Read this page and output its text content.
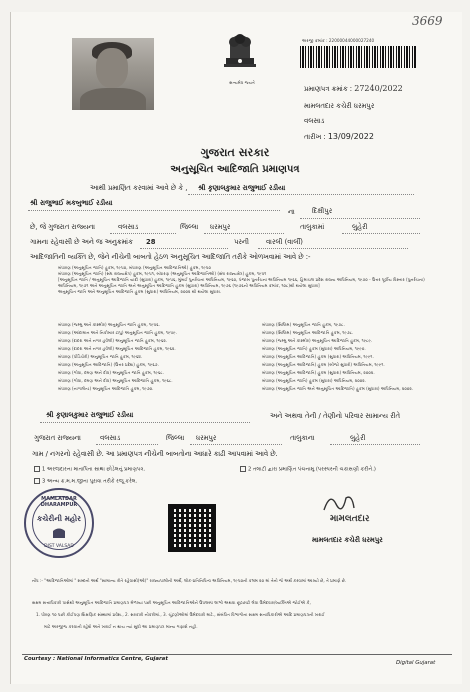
3669
સત્યમેવ જયતે
અરજી ક્રમાંક : 22000044000027240
પ્રમાણપત્ર ક્રમાંક : 27240/2022
મામલતદાર કચેરી ધરમપુર
વલસાડ
તારીખ : 13/09/2022
ગુજરાત સરકાર
અનુસૂચિત આદિજાતિ પ્રમાણપત્ર
આથી પ્રમાણિત કરવામાં આવે છે કે , શ્રી કૃણાલકુમાર રાજુભાઈ રડીયા
શ્રી રાજુભાઈ મકબુભાઈ રડીયા
ના	દિક્ષીપુર
છે, જે ગુજરાત રાજ્યના	વલસાડ	જિલ્લા ધરમપુર	તાલુકામાં	લુહેરી
ગામના રહેવાસી છે અને જ અનુક્રમાંક 28	પરની	વારલી (વાર્લી)
આદિજાતિની વ્યક્તિ છે, જેને નીચેની બાબતો હેઠળ અનુસૂચિત આદિજાતિ તરીકે ઓળખવામાં આવે છે :-
બંધારણ (અનુસૂચિત જાતિ) હુકમ, ૧૯૫૦, બંધારણ (અનુસૂચિત આદિજાતિઓ) હુકમ, ૧૯૫૦
બંધારણ (અનુસૂચિત જાતિ) (સંઘ રાજ્યક્ષેત્ર) હુકમ, ૧૯૫૧, બંધારણ (અનુસૂચિત આદિજાતિઓ) (સંઘ રાજ્યક્ષેત્ર) હુકમ, ૧૯૫૧
[અનુસૂચિત જાતિ / અનુસૂચિત આદિજાતિ યાદી (સુધારા) હુકમ, ૧૯૫૬, મુંબઈ પુનર્રચના અધિનિયમ, ૧૯૬૦, પંજાબ પુનર્રચના અધિનિયમ ૧૯૬૬, હિમાચલ પ્રદેશ રાજ્ય અધિનિયમ, ૧૯૭૦ - ઉત્તર પૂર્વીય વિસ્તાર (પુનર્રચના)
અધિનિયમ, ૧૯૭૧ અને અનુસૂચિત જાતિ અને અનુસૂચિત આદિજાતિ હુકમ (સુધારા) અધિનિયમ, ૧૯૭૬ (૧૯૭૬નો અધિનિયમ ક્રમાંક, ૧૦૮)થી થયેલા સુધારા]
અનુસૂચિત જાતિ અને અનુસૂચિત આદિજાતિ હુકમ (સુધારા) અધિનિયમ, ૨૦૦૨ થી થયેલા સુધારા.
બંધારણ (જમ્મુ અને કાશ્મીર) અનુસૂચિત જાતિ હુકમ, ૧૯૫૬.
બંધારણ (આંદામાન અને નિકોબાર ટાપુ) અનુસૂચિત જાતિ હુકમ, ૧૯૫૯.
બંધારણ (દાદરા અને નગર હવેલી) અનુસૂચિત જાતિ હુકમ, ૧૯૬૨.
બંધારણ (દાદરા અને નગર હવેલી) અનુસૂચિત આદિજાતિ હુકમ, ૧૯૬૨.
બંધારણ (પોંડિચેરી) અનુસૂચિત જાતિ હુકમ, ૧૯૬૪.
બંધારણ (અનુસૂચિત આદિજાતિ) (ઉત્તર પ્રદેશ) હુકમ, ૧૯૬૭.
બંધારણ (ગોવા, દમણ અને દીવ) અનુસૂચિત જાતિ હુકમ, ૧૯૬૮.
બંધારણ (ગોવા, દમણ અને દીવ) અનુસૂચિત આદિજાતિ હુકમ, ૧૯૬૮.
બંધારણ (નાગાલેન્ડ) અનુસૂચિત આદિજાતિ હુકમ, ૧૯૭૦.
બંધારણ (સિક્કિમ) અનુસૂચિત જાતિ હુકમ, ૧૯૭૮.
બંધારણ (સિક્કિમ) અનુસૂચિત આદિજાતિ હુકમ, ૧૯૭૮.
બંધારણ (જમ્મુ અને કાશ્મીર) અનુસૂચિત આદિજાતિ હુકમ, ૧૯૮૯.
બંધારણ (અનુસૂચિત જાતિ) હુકમ (સુધારા) અધિનિયમ, ૧૯૯૦.
બંધારણ (અનુસૂચિત આદિજાતિ) હુકમ (સુધારા) અધિનિયમ, ૧૯૯૧.
બંધારણ (અનુસૂચિત આદિજાતિ) હુકમ (બીજો સુધારો) અધિનિયમ, ૧૯૯૧.
બંધારણ (અનુસૂચિત આદિજાતિ) હુકમ (સુધારા) અધિનિયમ, ૨૦૦૨.
બંધારણ (અનુસૂચિત જાતિ) હુકમ (સુધારા) અધિનિયમ, ૨૦૦૨.
બંધારણ (અનુસૂચિત જાતિ અને અનુસૂચિત આદિજાતિ) હુકમ (સુધારા) અધિનિયમ, ૨૦૦૨.
શ્રી કૃણાલકુમાર રાજુભાઈ રડીયા	અને અથવા તેની / તેણીનો પરિવાર સામાન્ય રીતે
ગુજરાત રાજ્યના	વલસાડ	જિલ્લા ધરમપુર	તાલુકાના	લુહેરી
ગામ / નગરનો રહેવાસી છે. આ પ્રમાણપત્ર નીચેની બાબતોના આધારે કાઢી આપવામાં આવે છે.
1 અરજદારના માતાપિતા સાથા છોડેલનું પ્રમાણપત્ર.	2 તલાટી દ્વારા પ્રમાણિત પંચનામુ (પરસ્પરની ચકાસણી કરીને.)
3 અન્ય ક્ર.મ.મ.જીના પુરાવા તરીકે રજૂ કરેલ.
MAMLATDAR DHARAMPUR
કચેરીની મહોર
DIST VALSAD
મામલતદાર
મામલતદાર કચેરી ધરમપુર
નોંધ :- "આદિજાતિઓમાં " શબ્દનો અર્થ "સામાન્ય રીતે રહેવાસી(ઓ)" રાજ્યપાલોની અર્થે, લોક-પ્રતિનિધિત્વ અધિનિયમ, ૧૯૫૦ની કલમ ૨૦ માં તેનો જે અર્થ કરવામાં આવ્યો છે, તે પ્રમાણે છે.
સક્ષમ સત્તાધિકારી પાસેથી અનુસૂચિત આદિજાતિ પ્રમાણપત્ર મેળવ્યા પછી અનુસૂચિત આદિજાતિઓને ઉપલબ્ધ લાભો અથવા છૂટછાટો લેવા ઉમેદવાર/વ્યક્તિએ જોઈએ કે,
1. ધોરણ ૧૦ પછી કોઈપણ શિક્ષણિક સંસ્થામાં પ્રવેશ., 2. સરકારી નોકરીમાં., 3. ચૂંટણીઓમાં ઉમેદવારી માટે., સંબંધિત વિભાગોના સક્ષમ સત્તાધિકારીએ આદિ પ્રમાણપત્રની ખરાઈ
માટે અરજીજ કરવાની રહેશે અને ખરાઈ ન થાય ત્યાં સુધી આ પ્રમાણપત્ર માન્ય ગણાશે નહી.
Courtesy : National Informatics Centre, Gujarat
Digital Gujarat
